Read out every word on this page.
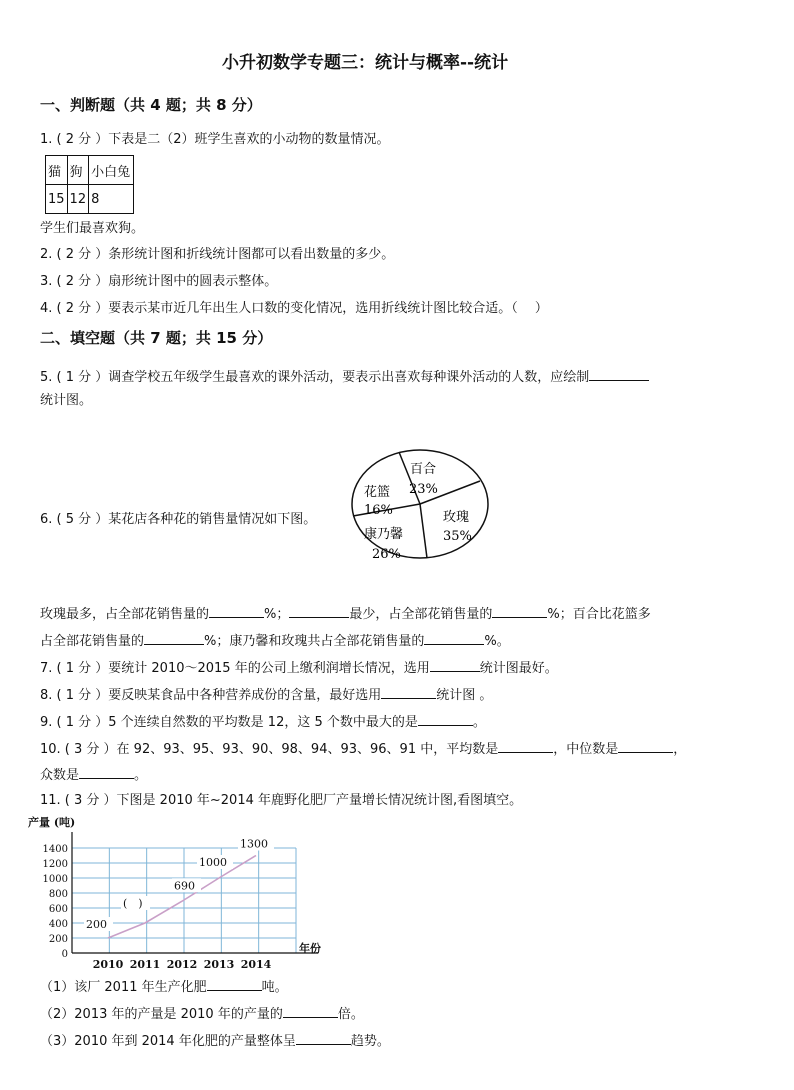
小升初数学专题三：统计与概率--统计
一、判断题（共 4 题；共 8 分）
1. ( 2 分 ）下表是二（2）班学生喜欢的小动物的数量情况。
猫	狗	小白兔
15	12	8
学生们最喜欢狗。
2. ( 2 分 ）条形统计图和折线统计图都可以看出数量的多少。
3. ( 2 分 ）扇形统计图中的圆表示整体。
4. ( 2 分 ）要表示某市近几年出生人口数的变化情况，选用折线统计图比较合适。（　 ）
二、填空题（共 7 题；共 15 分）
5. ( 1 分 ）调查学校五年级学生最喜欢的课外活动，要表示出喜欢每种课外活动的人数，应绘制
统计图。
6. ( 5 分 ）某花店各种花的销售量情况如下图。
百合
23%
玫瑰
35%
康乃馨
26%
花篮
16%
玫瑰最多，占全部花销售量的	%；	最少，占全部花销售量的	%；百合比花篮多
占全部花销售量的	%；康乃馨和玫瑰共占全部花销售量的	%。
7. ( 1 分 ）要统计 2010～2015 年的公司上缴利润增长情况，选用	统计图最好。
8. ( 1 分 ）要反映某食品中各种营养成份的含量，最好选用	统计图 。
9. ( 1 分 ）5 个连续自然数的平均数是 12，这 5 个数中最大的是	。
10. ( 3 分 ）在 92、93、95、93、90、98、94、93、96、91 中，平均数是	，中位数是	，
众数是	。
11. ( 3 分 ）下图是 2010 年~2014 年鹿野化肥厂产量增长情况统计图,看图填空。
0
200
400
600
800
1000
1200
1400
产量 (吨)
年份
2010 2011 2012 2013 2014
200
(　)
690
1000
1300
（1）该厂 2011 年生产化肥	吨。
（2）2013 年的产量是 2010 年的产量的	倍。
（3）2010 年到 2014 年化肥的产量整体呈	趋势。
